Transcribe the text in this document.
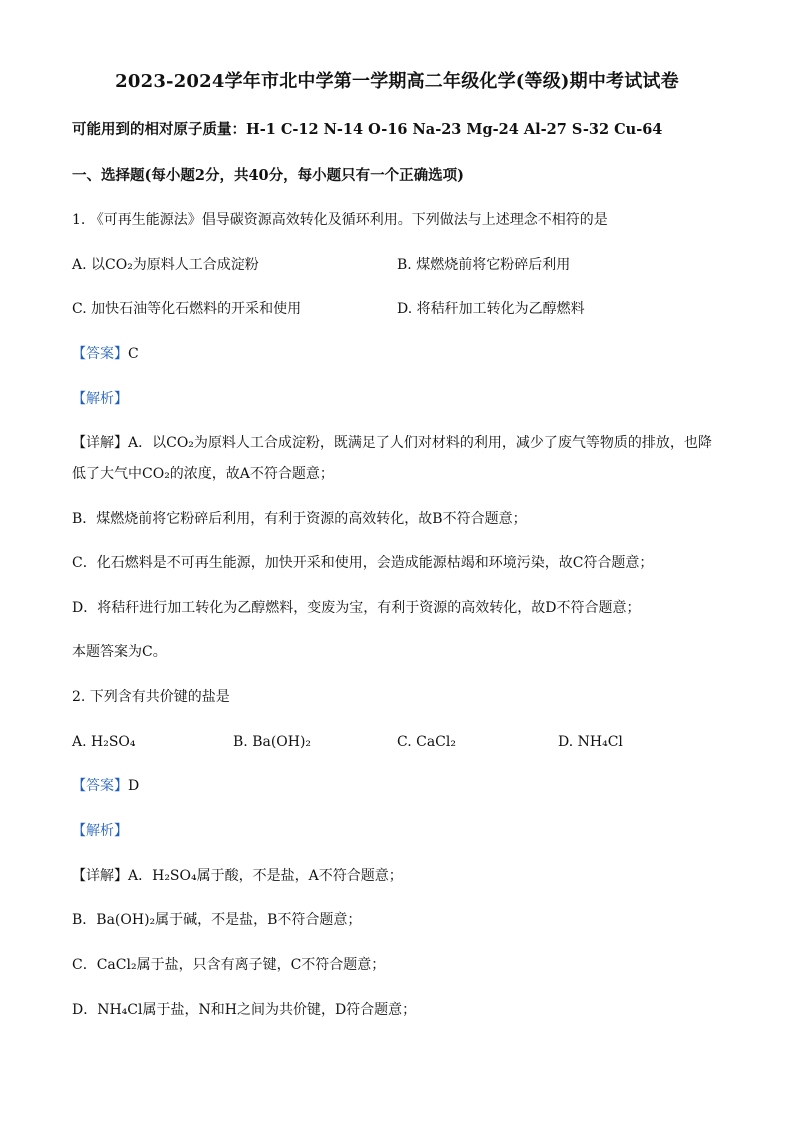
2023-2024学年市北中学第一学期高二年级化学(等级)期中考试试卷
可能用到的相对原子质量：H-1 C-12 N-14 O-16 Na-23 Mg-24 Al-27 S-32 Cu-64
一、选择题(每小题2分，共40分，每小题只有一个正确选项)
1. 《可再生能源法》倡导碳资源高效转化及循环利用。下列做法与上述理念不相符的是
A. 以CO₂为原料人工合成淀粉	B. 煤燃烧前将它粉碎后利用
C. 加快石油等化石燃料的开采和使用	D. 将秸秆加工转化为乙醇燃料
【答案】C
【解析】
【详解】A．以CO₂为原料人工合成淀粉，既满足了人们对材料的利用，减少了废气等物质的排放，也降
低了大气中CO₂的浓度，故A不符合题意；
B．煤燃烧前将它粉碎后利用，有利于资源的高效转化，故B不符合题意；
C．化石燃料是不可再生能源，加快开采和使用，会造成能源枯竭和环境污染，故C符合题意；
D．将秸秆进行加工转化为乙醇燃料，变废为宝，有利于资源的高效转化，故D不符合题意；
本题答案为C。
2. 下列含有共价键的盐是
A. H₂SO₄	B. Ba(OH)₂	C. CaCl₂	D. NH₄Cl
【答案】D
【解析】
【详解】A．H₂SO₄属于酸，不是盐，A不符合题意；
B．Ba(OH)₂属于碱，不是盐，B不符合题意；
C．CaCl₂属于盐，只含有离子键，C不符合题意；
D．NH₄Cl属于盐，N和H之间为共价键，D符合题意；
